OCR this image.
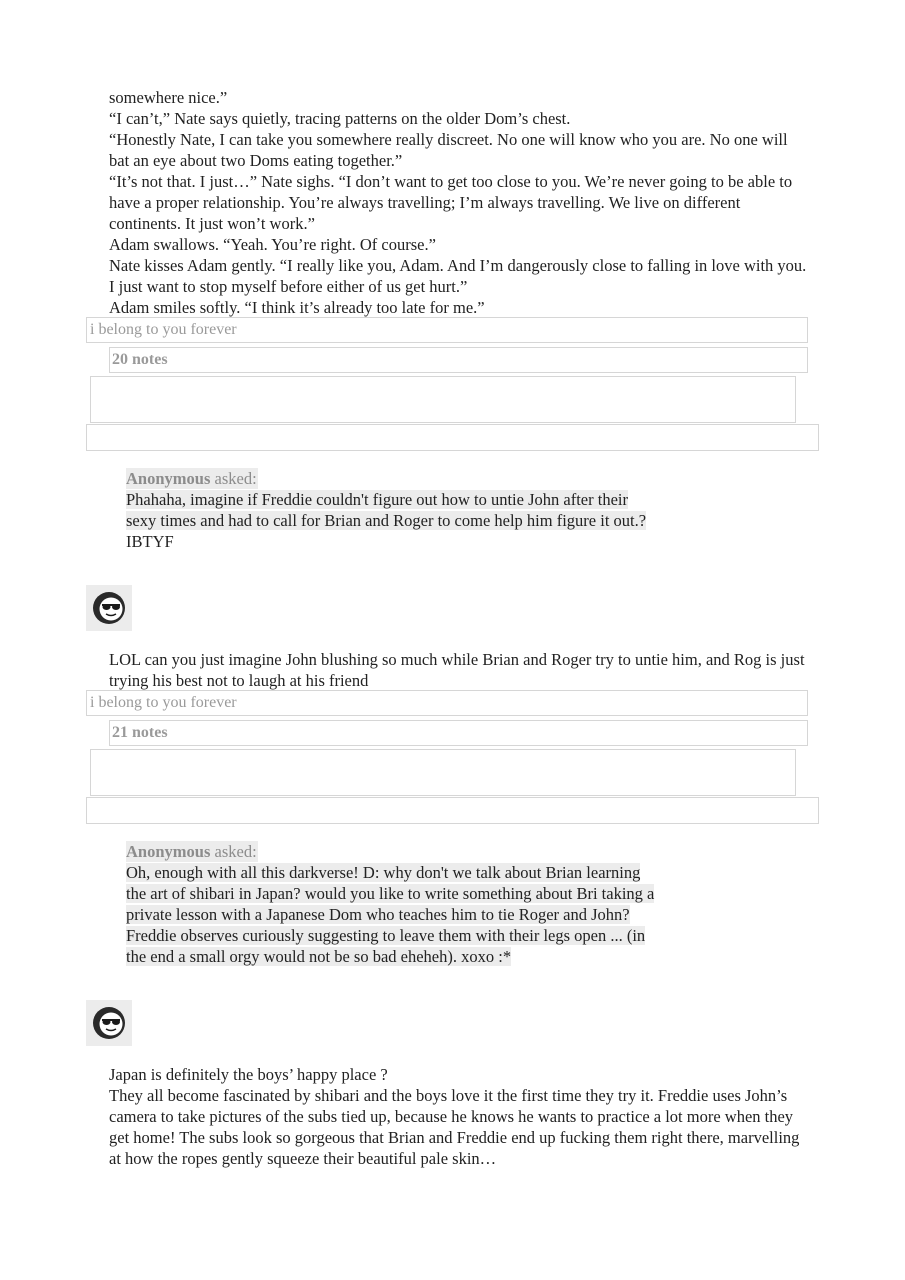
somewhere nice.”

“I can’t,” Nate says quietly, tracing patterns on the older Dom’s chest.

“Honestly Nate, I can take you somewhere really discreet. No one will know who you are. No one will bat an eye about two Doms eating together.”

“It’s not that. I just…” Nate sighs. “I don’t want to get too close to you. We’re never going to be able to have a proper relationship. You’re always travelling; I’m always travelling. We live on different continents. It just won’t work.”

Adam swallows. “Yeah. You’re right. Of course.”

Nate kisses Adam gently. “I really like you, Adam. And I’m dangerously close to falling in love with you. I just want to stop myself before either of us get hurt.”

Adam smiles softly. “I think it’s already too late for me.”

i belong to you forever
20 notes
Anonymous asked:
Phahaha, imagine if Freddie couldn't figure out how to untie John after their
sexy times and had to call for Brian and Roger to come help him figure it out.?
IBTYF

LOL can you just imagine John blushing so much while Brian and Roger try to untie him, and Rog is just trying his best not to laugh at his friend

i belong to you forever
21 notes
Anonymous asked:
Oh, enough with all this darkverse! D: why don't we talk about Brian learning
the art of shibari in Japan? would you like to write something about Bri taking a
private lesson with a Japanese Dom who teaches him to tie Roger and John?
Freddie observes curiously suggesting to leave them with their legs open ... (in
the end a small orgy would not be so bad eheheh). xoxo :*

Japan is definitely the boys’ happy place ?

They all become fascinated by shibari and the boys love it the first time they try it. Freddie uses John’s camera to take pictures of the subs tied up, because he knows he wants to practice a lot more when they get home! The subs look so gorgeous that Brian and Freddie end up fucking them right there, marvelling at how the ropes gently squeeze their beautiful pale skin…
